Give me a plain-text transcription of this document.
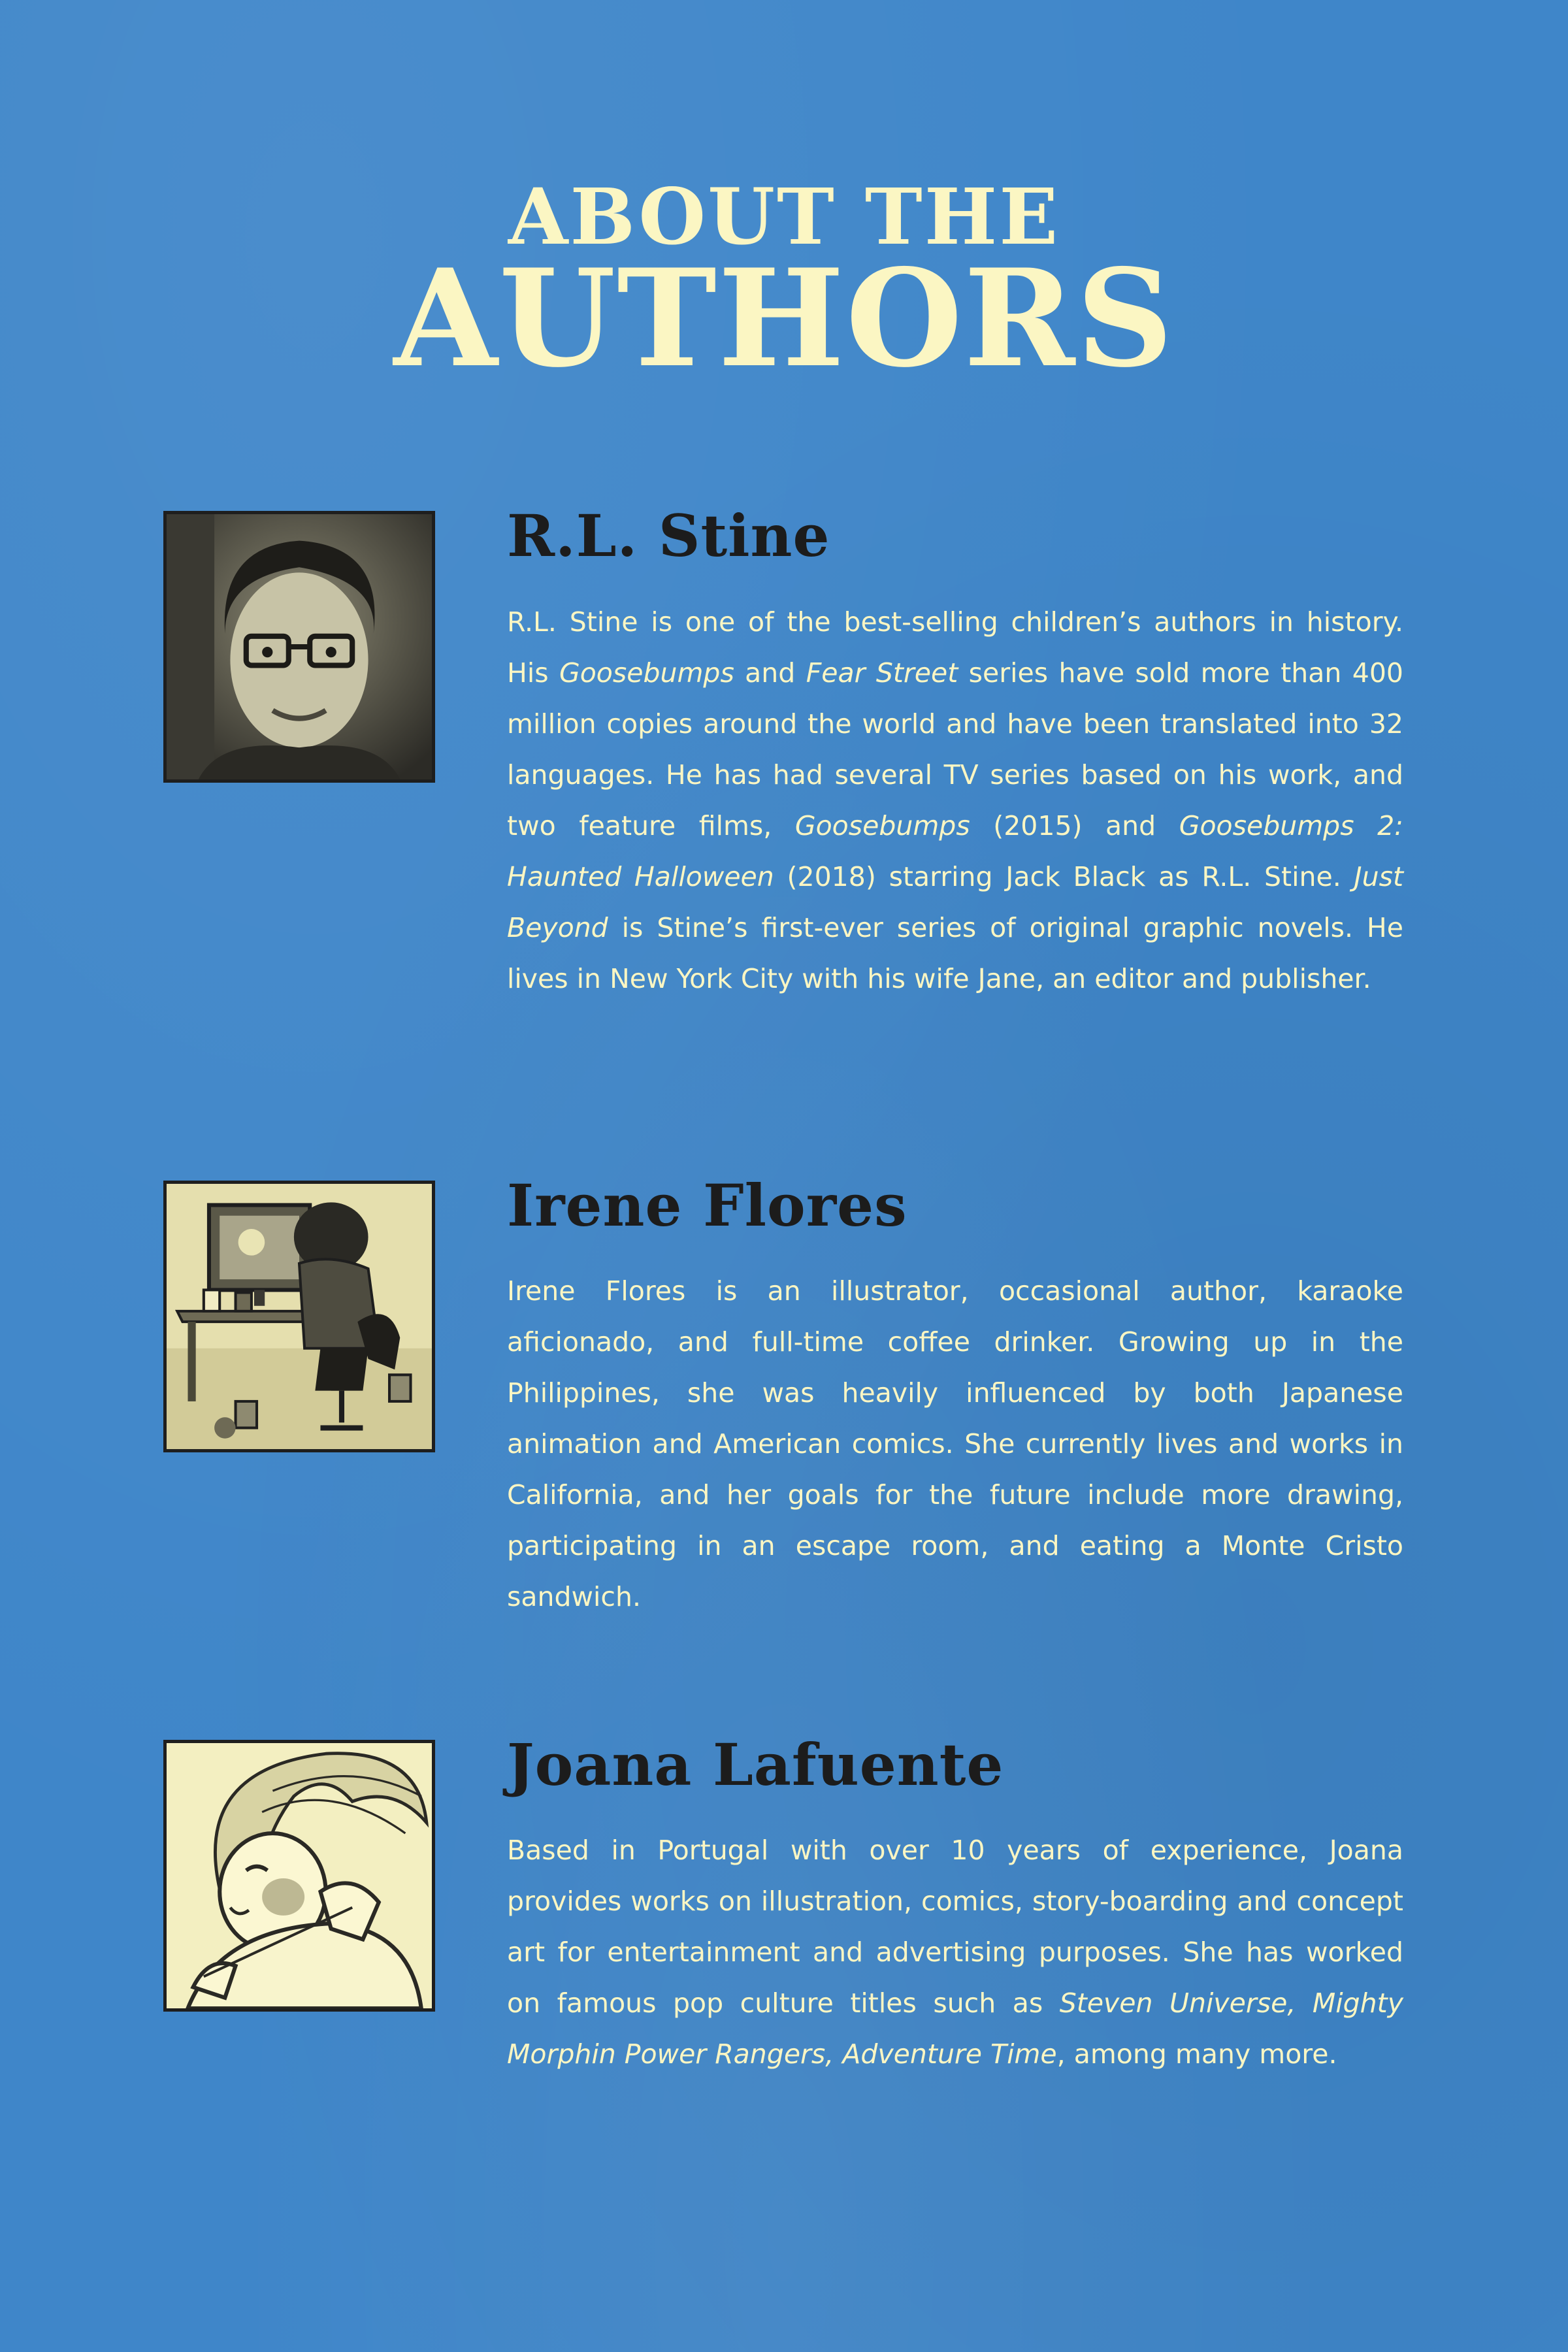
ABOUT THE
AUTHORS
R.L. Stine

R.L. Stine is one of the best-selling children’s authors in history. His Goosebumps and Fear Street series have sold more than 400 million copies around the world and have been translated into 32 languages. He has had several TV series based on his work, and two feature films, Goosebumps (2015) and Goosebumps 2: Haunted Halloween (2018) starring Jack Black as R.L. Stine. Just Beyond is Stine’s first-ever series of original graphic novels. He lives in New York City with his wife Jane, an editor and publisher.

Irene Flores

Irene Flores is an illustrator, occasional author, karaoke aficionado, and full-time coffee drinker. Growing up in the Philippines, she was heavily influenced by both Japanese animation and American comics. She currently lives and works in California, and her goals for the future include more drawing, participating in an escape room, and eating a Monte Cristo sandwich.

Joana Lafuente

Based in Portugal with over 10 years of experience, Joana provides works on illustration, comics, story-boarding and concept art for entertainment and advertising purposes. She has worked on famous pop culture titles such as Steven Universe, Mighty Morphin Power Rangers, Adventure Time, among many more.
